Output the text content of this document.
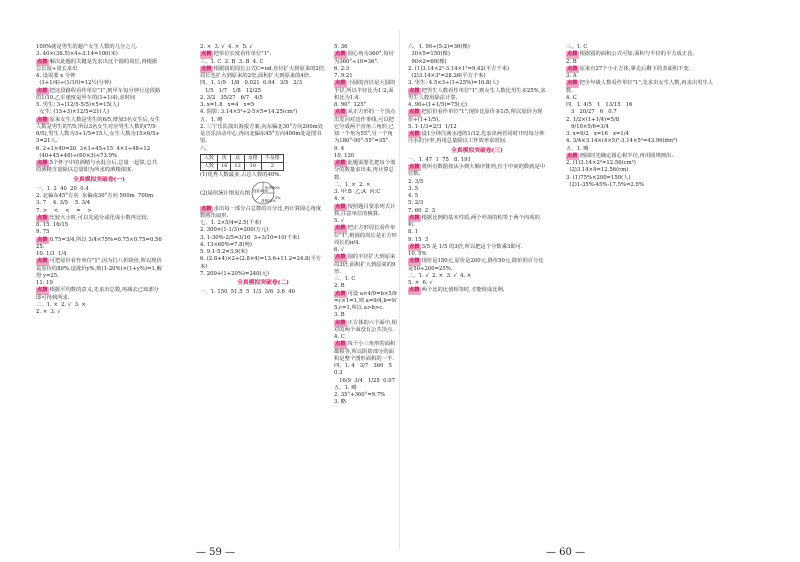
100%就是男生的超产女生人数的几分之几.

3. 40×(38.5)×4÷3.14=100(米)

点拨 解决此题的关键是先求出这个圆的周长,再根据总长度÷周长求出

4. 设需要 x 分钟

(1+1/4)÷(1/10)=12½(分钟)

点拨 把这段路程看作单位"1",则甲车每分钟行这段路的1/10,乙车速度是甲车的(1+1/4),求时间

5. 男生: 3÷(12/5-5/5)×5=15(人)

女生: (15+3)×12/5=21(人)

点拨 原来女生人数是男生的6/5,增加3名女生后,女生人数是男生的7/5,所以3名女生对应男生人数的(7/5-6/5),男生人数为3÷1/5=15人,女生人数为15×6/5+3=21人.

6. 2÷1×40=20  3×1÷45÷15  4×1÷48÷12

(40+45+48)÷(60×3)≈73.9%

点拨 5个杯子中的酒精与水混合后,总量一起算,总共的酒精含量除以总量即为所求的酒精浓度.

全真模拟突破卷(一)

一、1. 2  40  20  0.4

2. 北偏东45°方向  东偏南30°方向 500m  700m

3. 7    4. 3/5    5. 3/4

7. >    <    <    =    >

点拨 比较大小时,可以先通分或化成小数再比较.

8. 15  16/15

9. 75

点拨 0.75=3/4,所以 3/4×75%=0.75×0.75=0.5625.

10. 1/3  1/4

点拨 可把原价看作单位"1",因为打八折降价,所以现价是原价的80%,设涨价y%,则(1-20%)×(1+y%)=1,解得 y=25.

11. 19

点拨 根据平均数的意义,先求出总数,再减去已知部分即可得到所求.

二、1. ×  2. √  3. ×

2. ×  3. √

2. ×  3. √  4. ×  5. √

点拨 把单位长度看作单位"1".

三、1. C  2. B  3. B  4. C

点拨 根据圆的周长公式C=πd,直径扩大到原来的2倍,周长也扩大到原来的2倍,面积扩大到原来的4倍.

四、1. 1/9   1/8   0.021  0.94   3/5   2/3

1/5   1/7   1/8   12/25

2. 3/2   35/27   6/7   4/5

3. x=1.8   x=4   x=5

4. 阴影: 3.14×5²÷2-5×5=14.25(cm²)

五、1. 略

2. 三宁乐队演出海报方案,向东偏北30°方向200m处是音乐活动中心,再向北偏东45°方向400m处是图书馆.

六、

人数	优	良	及格	不及格
人数	16	12	10	2

(1)优秀人数最多,占总人数的40%.

(2)扇形统计图见右图
优秀40%
良好30%
及格25%
5%

点拨 求出每一部分占总数的百分比,再计算圆心角度数画出扇形.

七、1. 2×5/4=2.5(千米)

2. 300×(1-1/3)=200(万元)

3. 1-30%-2/5=3/10  3÷3/10=10(千米)

4. 13×60%=7.8(吨)

5. 9.1-5.2=3.9(米)

6. (2.8+4)×2+(2.8×4)=13.6+11.2=24.8(平方米)

7. 200+(1+20%)=240(元)

全真模拟突破卷(二)

一、1. 150  51.5  5  1/3  3/6  3.6  40

5. 36

点拨 圆心角为360°,每份为360°÷10=36°.

6. 2:3

7. 9:21

点拨 小圆的直径是大圆的半径,所以半径比为1:2,面积比为1:4.

8. 90°  125°

点拨 从正方形的一个顶点出发向对边作垂线,可以把它分成两个直角三角形,已知一个角为55°,另一个角为180°-90°-55°=35°.

9. 4

10. 120

点拨 此题需要先把每个部分的数量求出来,再计算总数.

二、1. ×  2. ×

3. 甲:B  乙:A  丙:C

4. ×

点拨 按照题目要求列式计算,注意单位的换算.

5. √

点拨 把正方形周长看作单位"1",则圆的周长是正方形周长的π/4.

6. √

点拨 圆的半径扩大到原来的3倍,面积扩大到原来的9倍.

三、1. C

2. B

点拨 可设 a×4/9=b×5/9=c×1=1,则 a=9/4,b=9/5,c=1,所以 a>b>c.

3. B

点拨 正方体的六个面中,相对的两个面没有公共顶点.

4. C

点拨 每个小三角形的面积都相等,所以阴影部分的面积是整个图形面积的一半.

四、1. 4   3/7   360   5   0.3

16/9  3/4   1/25  0.07

五、1. 略

2. 35°+360°=9.7%

3. 略

— 59 —

六、1. 90÷(5-2)=30(棵)

30×5=150(棵)

90×2=60(棵)

2. (1)3.14×2²-3.14×1²=9.42(平方千米)

(2)3.14×3²=28.26(平方千米)

3. 男生: 4.5×3÷(1+25%)=10.8(人)

点拨 把男生人数看作单位"1",则女生人数比男生多25%,求男生人数用除法计算.

4. 90÷(1+1/5)=75(元)

点拨 把原价看作单位"1",现价比原价多1/5,所以原价为现价÷(1+1/5).

5. 1-1/3=2/3  1/12

点拨 设1分钟注满水池的1/12,先求出两管同时开时每分钟注水的分率,再用总量除以工作效率求时间.

全真模拟突破卷(三)

一、1. 47  1  75   8. 191

点拨 将所有数据按从小到大顺序排列,位于中间的数就是中位数.

2. 3/5

3. 5

4. 5

5. 2/3

7. 60  2  3

点拨 根据比例的基本性质,两个外项的积等于两个内项的积.

8. 1

9. 15  3

点拨 3/5 是 1/5 的3倍,所以把这个分数乘3即可.

10. 5%

点拨 现价是150元,原价是200元,降价50元,降价的百分比是50÷200=25%.

二、1. √  2. ×  3. √  4. ×

5. ×  6. √

点拨 两个比的比值相等时,才能组成比例.

三、1. C

点拨 根据圆的面积公式可知,面积与半径的平方成正比.

2. B

点拨 原来有27个小正方体,拿走后剩下的表面积不变.

3. A

点拨 把全年级人数看作单位"1",先求出女生人数,再求出男生人数.

4. C

四、1. 4/5   1   13/15   16

3   20/27   6   0.7

2. 1/2×(1+1/4)=5/8

9/10×5/6=3/4

3. x=9/2   x=16   x=1/4

4. 3/4×3.14×(4×5)²-3.14×5²=43.96(dm²)

五、1. 略

点拨 画圆时先确定圆心和半径,再用圆规画出.

2. (1)3.14×2²=12.56(cm²)

(2)3.14×4=12.56(cm)

3. (1)75%×200=150(人)

(2)1-35%-45%-17.5%=2.5%

— 60 —
